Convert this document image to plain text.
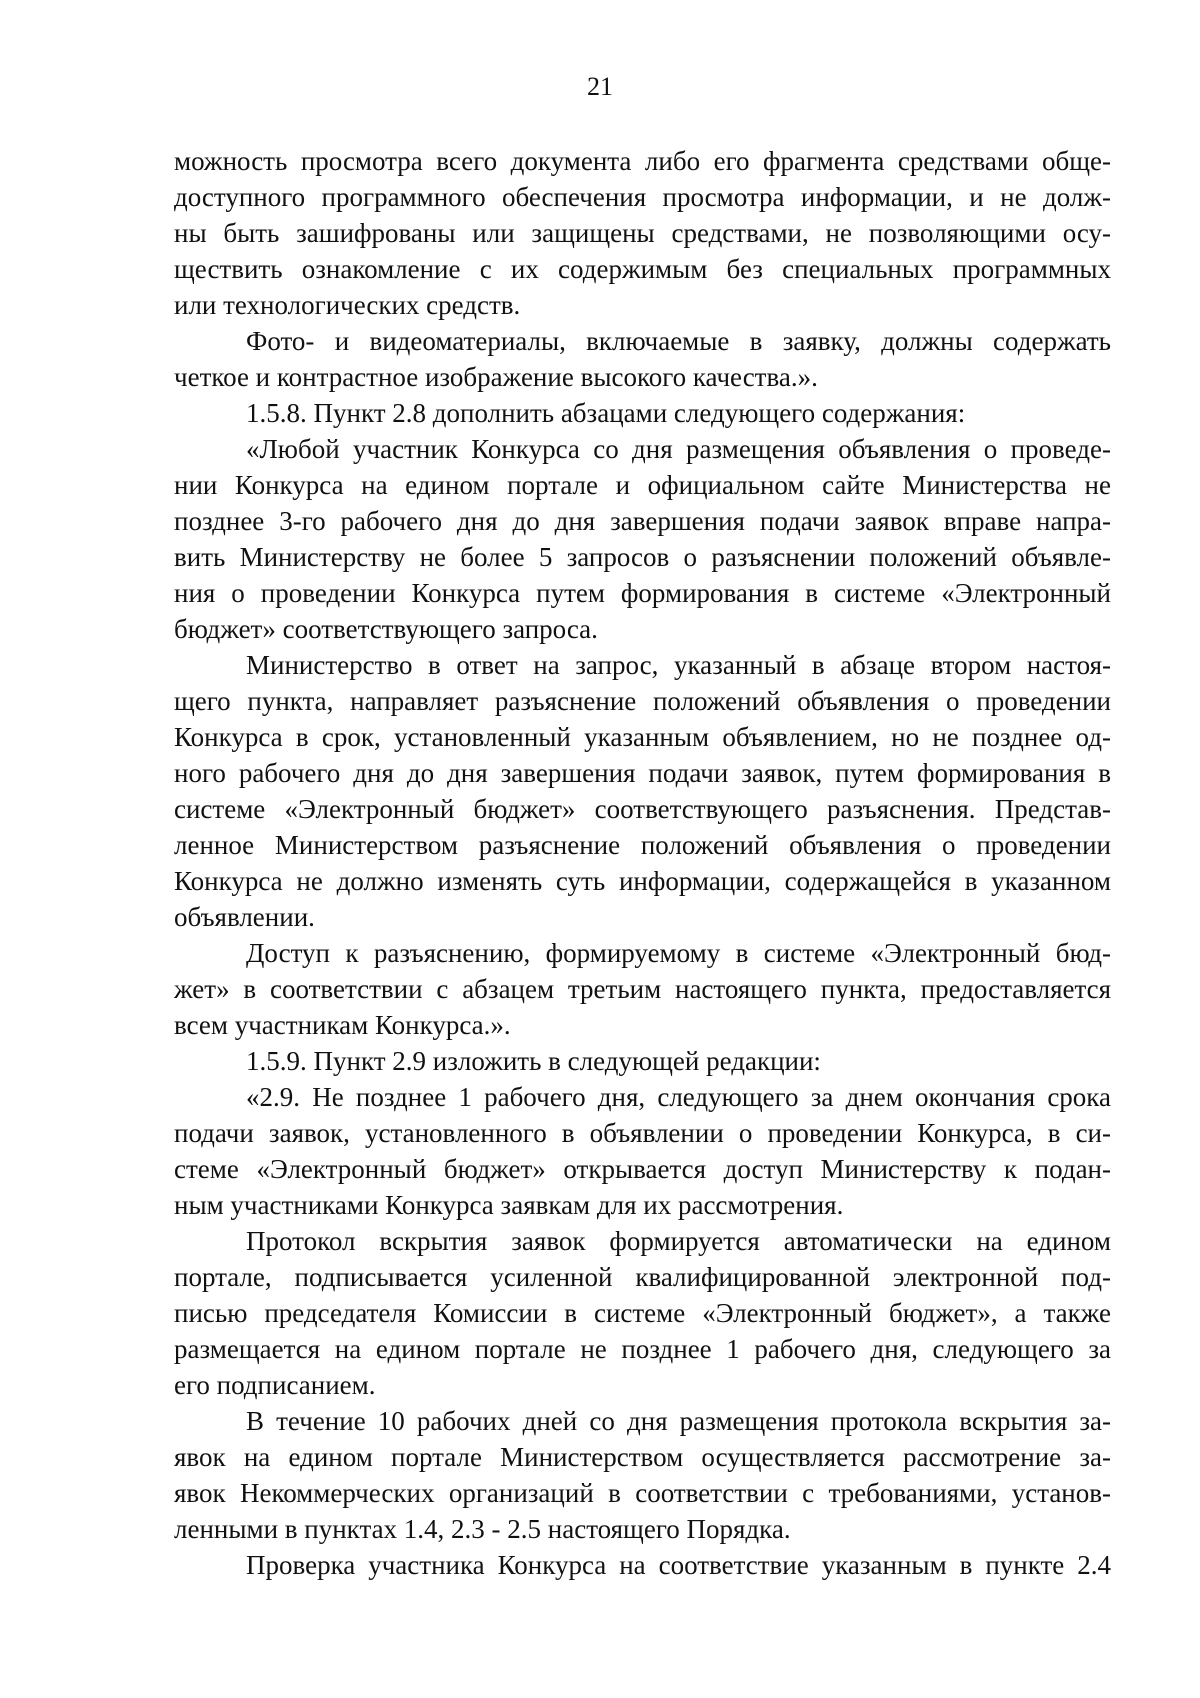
21

можность просмотра всего документа либо его фрагмента средствами обще-
доступного программного обеспечения просмотра информации, и не долж-
ны быть зашифрованы или защищены средствами, не позволяющими осу-
ществить ознакомление с их содержимым без специальных программных
или технологических средств.

Фото- и видеоматериалы, включаемые в заявку, должны содержать
четкое и контрастное изображение высокого качества.».

1.5.8. Пункт 2.8 дополнить абзацами следующего содержания:

«Любой участник Конкурса со дня размещения объявления о проведе-
нии Конкурса на едином портале и официальном сайте Министерства не
позднее 3-го рабочего дня до дня завершения подачи заявок вправе напра-
вить Министерству не более 5 запросов о разъяснении положений объявле-
ния о проведении Конкурса путем формирования в системе «Электронный
бюджет» соответствующего запроса.

Министерство в ответ на запрос, указанный в абзаце втором настоя-
щего пункта, направляет разъяснение положений объявления о проведении
Конкурса в срок, установленный указанным объявлением, но не позднее од-
ного рабочего дня до дня завершения подачи заявок, путем формирования в
системе «Электронный бюджет» соответствующего разъяснения. Представ-
ленное Министерством разъяснение положений объявления о проведении
Конкурса не должно изменять суть информации, содержащейся в указанном
объявлении.

Доступ к разъяснению, формируемому в системе «Электронный бюд-
жет» в соответствии с абзацем третьим настоящего пункта, предоставляется
всем участникам Конкурса.».

1.5.9. Пункт 2.9 изложить в следующей редакции:

«2.9. Не позднее 1 рабочего дня, следующего за днем окончания срока
подачи заявок, установленного в объявлении о проведении Конкурса, в си-
стеме «Электронный бюджет» открывается доступ Министерству к подан-
ным участниками Конкурса заявкам для их рассмотрения.

Протокол вскрытия заявок формируется автоматически на едином
портале, подписывается усиленной квалифицированной электронной под-
писью председателя Комиссии в системе «Электронный бюджет», а также
размещается на едином портале не позднее 1 рабочего дня, следующего за
его подписанием.

В течение 10 рабочих дней со дня размещения протокола вскрытия за-
явок на едином портале Министерством осуществляется рассмотрение за-
явок Некоммерческих организаций в соответствии с требованиями, установ-
ленными в пунктах 1.4, 2.3 - 2.5 настоящего Порядка.

Проверка участника Конкурса на соответствие указанным в пункте 2.4
